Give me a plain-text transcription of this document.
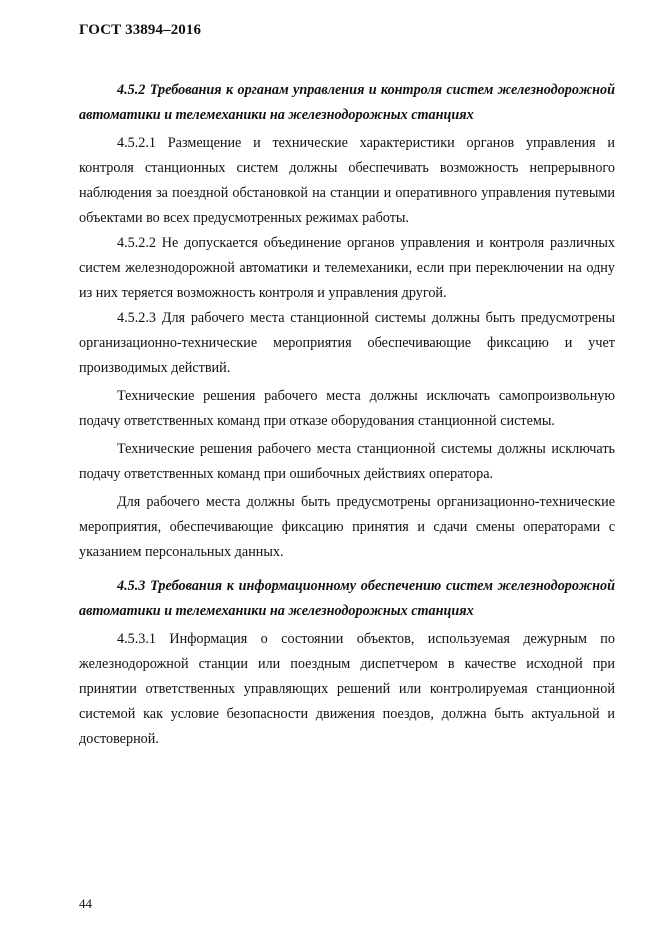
ГОСТ 33894–2016

4.5.2 Требования к органам управления и контроля систем железнодорожной автоматики и телемеханики на железнодорожных станциях

4.5.2.1 Размещение и технические характеристики органов управления и контроля станционных систем должны обеспечивать возможность непрерывного наблюдения за поездной обстановкой на станции и оперативного управления путевыми объектами во всех предусмотренных режимах работы.

4.5.2.2 Не допускается объединение органов управления и контроля различных систем железнодорожной автоматики и телемеханики, если при переключении на одну из них теряется возможность контроля и управления другой.

4.5.2.3 Для рабочего места станционной системы должны быть предусмотрены организационно-технические мероприятия обеспечивающие фиксацию и учет производимых действий.

Технические решения рабочего места должны исключать самопроизвольную подачу ответственных команд при отказе оборудования станционной системы.

Технические решения рабочего места станционной системы должны исключать подачу ответственных команд при ошибочных действиях оператора.

Для рабочего места должны быть предусмотрены организационно-технические мероприятия, обеспечивающие фиксацию принятия и сдачи смены операторами с указанием персональных данных.

4.5.3 Требования к информационному обеспечению систем железнодорожной автоматики и телемеханики на железнодорожных станциях

4.5.3.1 Информация о состоянии объектов, используемая дежурным по железнодорожной станции или поездным диспетчером в качестве исходной при принятии ответственных управляющих решений или контролируемая станционной системой как условие безопасности движения поездов, должна быть актуальной и достоверной.

44
